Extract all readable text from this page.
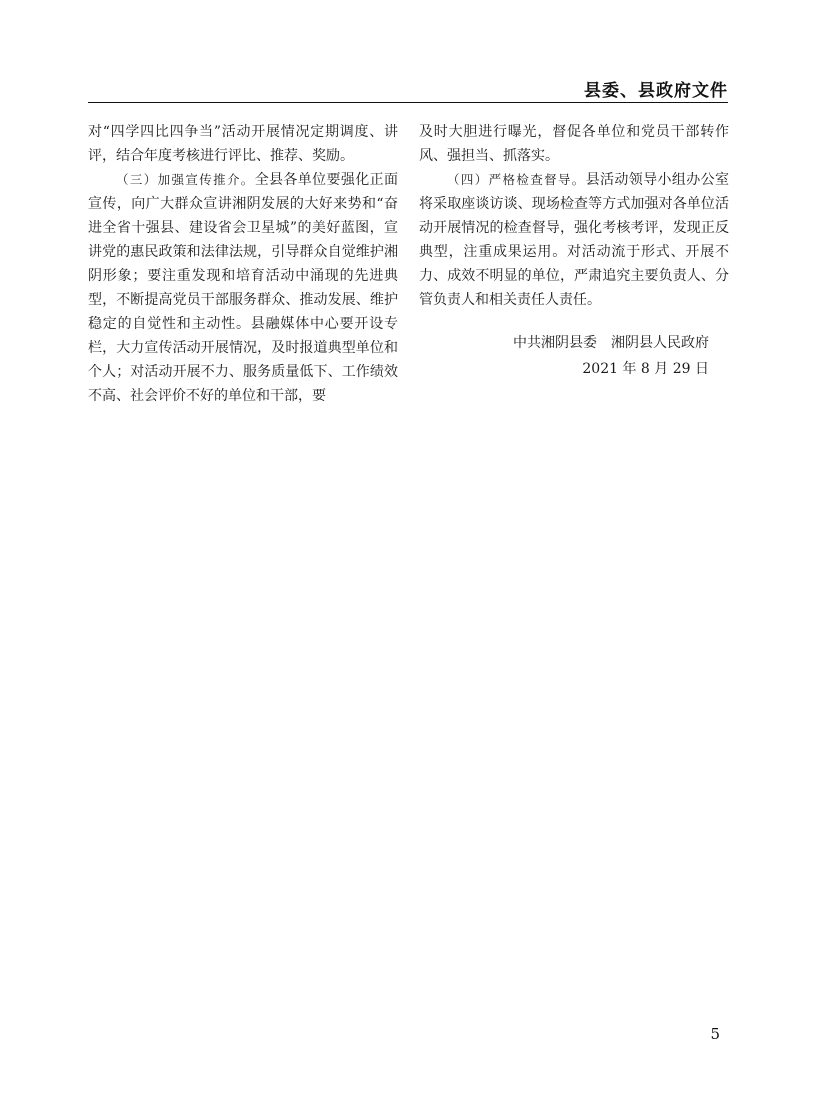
县委、县政府文件

对“四学四比四争当”活动开展情况定期调度、讲评，结合年度考核进行评比、推荐、奖励。

（三）加强宣传推介。全县各单位要强化正面宣传，向广大群众宣讲湘阴发展的大好来势和“奋进全省十强县、建设省会卫星城”的美好蓝图，宣讲党的惠民政策和法律法规，引导群众自觉维护湘阴形象；要注重发现和培育活动中涌现的先进典型，不断提高党员干部服务群众、推动发展、维护稳定的自觉性和主动性。县融媒体中心要开设专栏，大力宣传活动开展情况，及时报道典型单位和个人；对活动开展不力、服务质量低下、工作绩效不高、社会评价不好的单位和干部，要

及时大胆进行曝光，督促各单位和党员干部转作风、强担当、抓落实。

（四）严格检查督导。县活动领导小组办公室将采取座谈访谈、现场检查等方式加强对各单位活动开展情况的检查督导，强化考核考评，发现正反典型，注重成果运用。对活动流于形式、开展不力、成效不明显的单位，严肃追究主要负责人、分管负责人和相关责任人责任。

中共湘阴县委　湘阴县人民政府
2021 年 8 月 29 日
5
